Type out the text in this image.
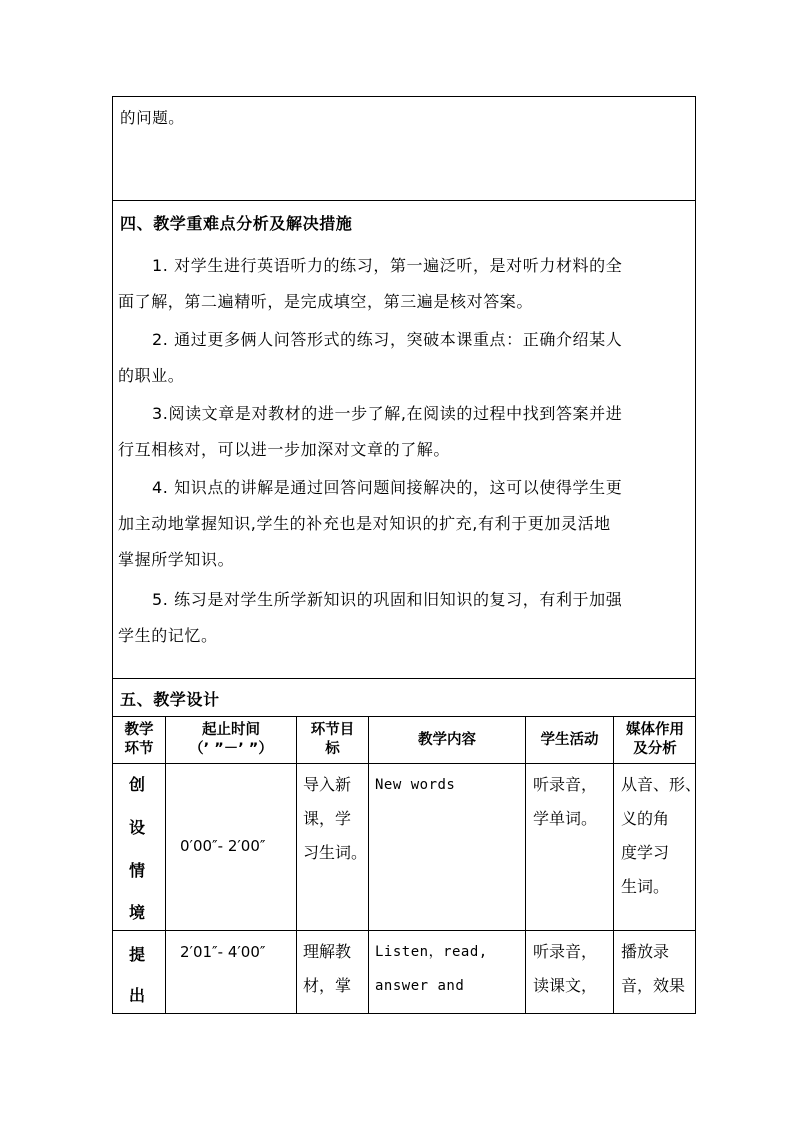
的问题。
四、教学重难点分析及解决措施
1. 对学生进行英语听力的练习，第一遍泛听，是对听力材料的全
面了解，第二遍精听，是完成填空，第三遍是核对答案。
2. 通过更多俩人问答形式的练习，突破本课重点：正确介绍某人
的职业。
3.阅读文章是对教材的进一步了解,在阅读的过程中找到答案并进
行互相核对，可以进一步加深对文章的了解。
4. 知识点的讲解是通过回答问题间接解决的，这可以使得学生更
加主动地掌握知识,学生的补充也是对知识的扩充,有利于更加灵活地
掌握所学知识。
5. 练习是对学生所学新知识的巩固和旧知识的复习，有利于加强
学生的记忆。
五、教学设计
教学
环节
起止时间
（’ ”－’ ”）
环节目
标
教学内容	学生活动
媒体作用
及分析
创
设
情
境
0′00″- 2′00″
导入新
课，学
习生词。
New words	听录音，
学单词。
从音、形、
义的角
度学习
生词。
提
出
2′01″- 4′00″ 理解教
材，掌
Listen，read,
answer and
听录音，
读课文，
播放录
音，效果
